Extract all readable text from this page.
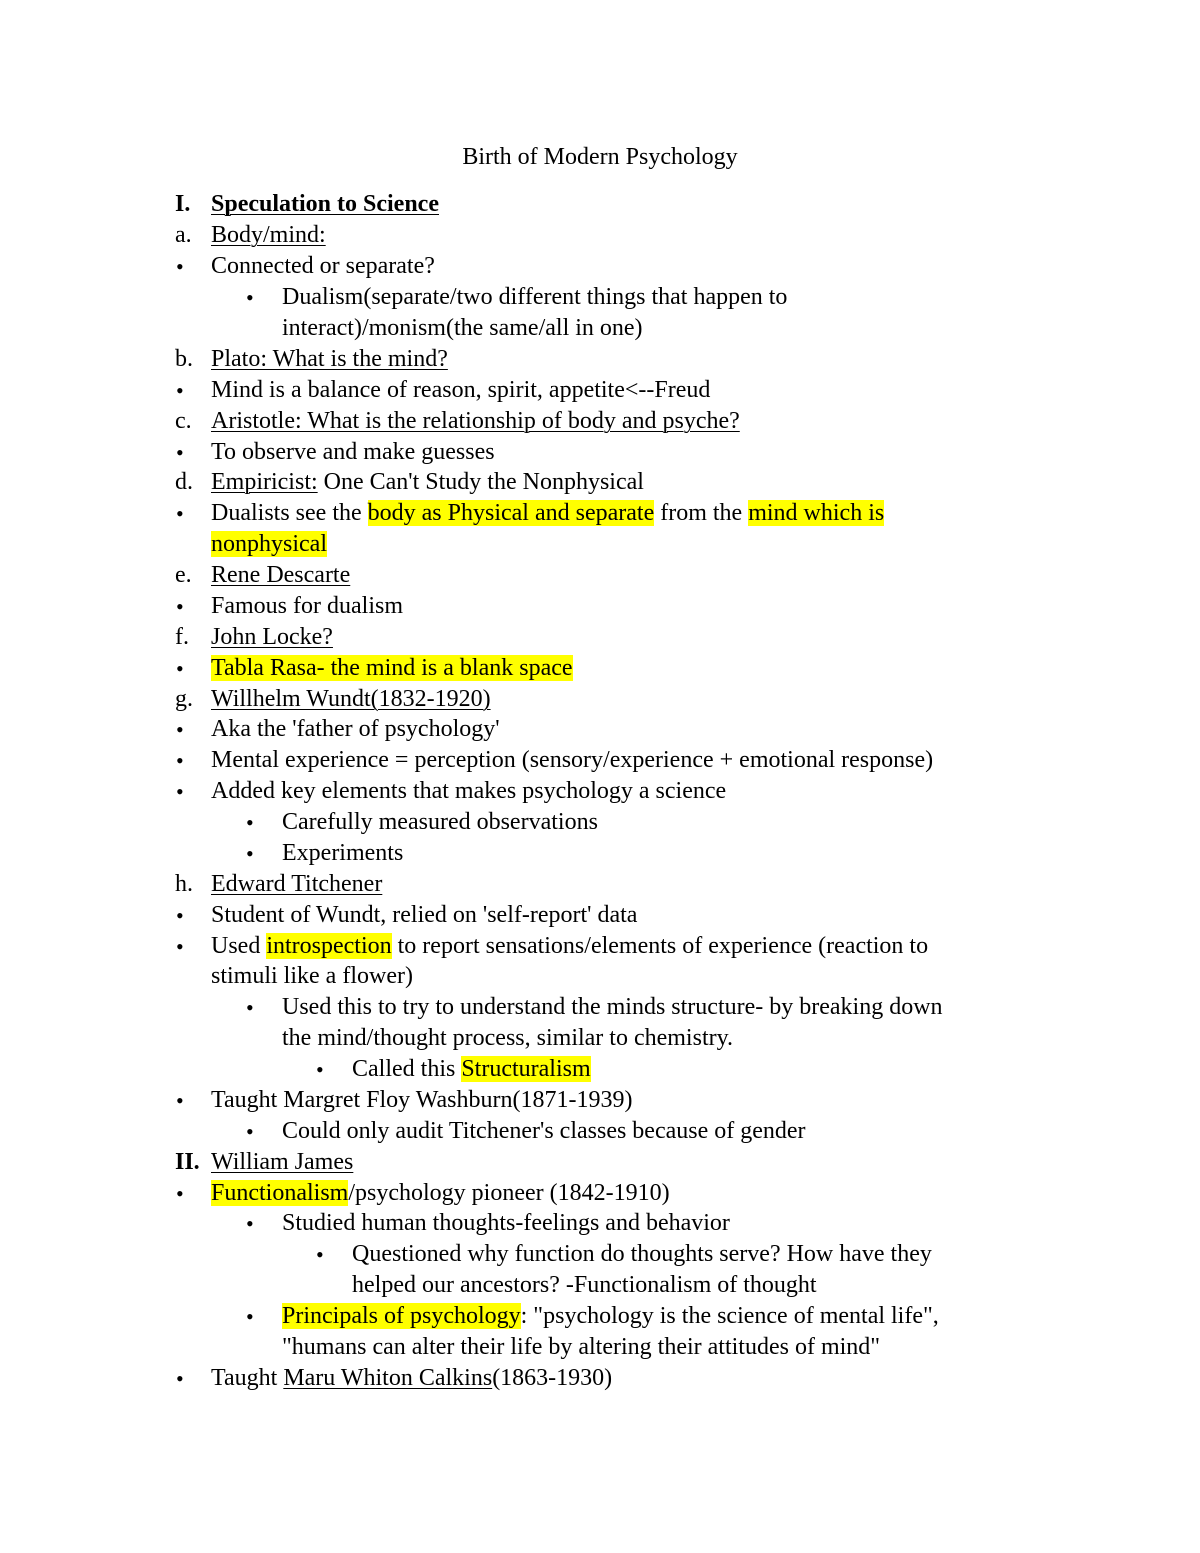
Birth of Modern Psychology
I. Speculation to Science
a. Body/mind:
• Connected or separate?
• Dualism(separate/two different things that happen to
interact)/monism(the same/all in one)
b. Plato: What is the mind?
• Mind is a balance of reason, spirit, appetite<--Freud
c. Aristotle: What is the relationship of body and psyche?
• To observe and make guesses
d. Empiricist: One Can't Study the Nonphysical
• Dualists see the body as Physical and separate from the mind which is
nonphysical
e. Rene Descarte
• Famous for dualism
f. John Locke?
• Tabla Rasa- the mind is a blank space
g. Willhelm Wundt(1832-1920)
• Aka the 'father of psychology'
• Mental experience = perception (sensory/experience + emotional response)
• Added key elements that makes psychology a science
• Carefully measured observations
• Experiments
h. Edward Titchener
• Student of Wundt, relied on 'self-report' data
• Used introspection to report sensations/elements of experience (reaction to
stimuli like a flower)
• Used this to try to understand the minds structure- by breaking down
the mind/thought process, similar to chemistry.
• Called this Structuralism
• Taught Margret Floy Washburn(1871-1939)
• Could only audit Titchener's classes because of gender
II. William James
• Functionalism/psychology pioneer (1842-1910)
• Studied human thoughts-feelings and behavior
• Questioned why function do thoughts serve? How have they
helped our ancestors? -Functionalism of thought
• Principals of psychology: "psychology is the science of mental life",
"humans can alter their life by altering their attitudes of mind"
• Taught Maru Whiton Calkins(1863-1930)
